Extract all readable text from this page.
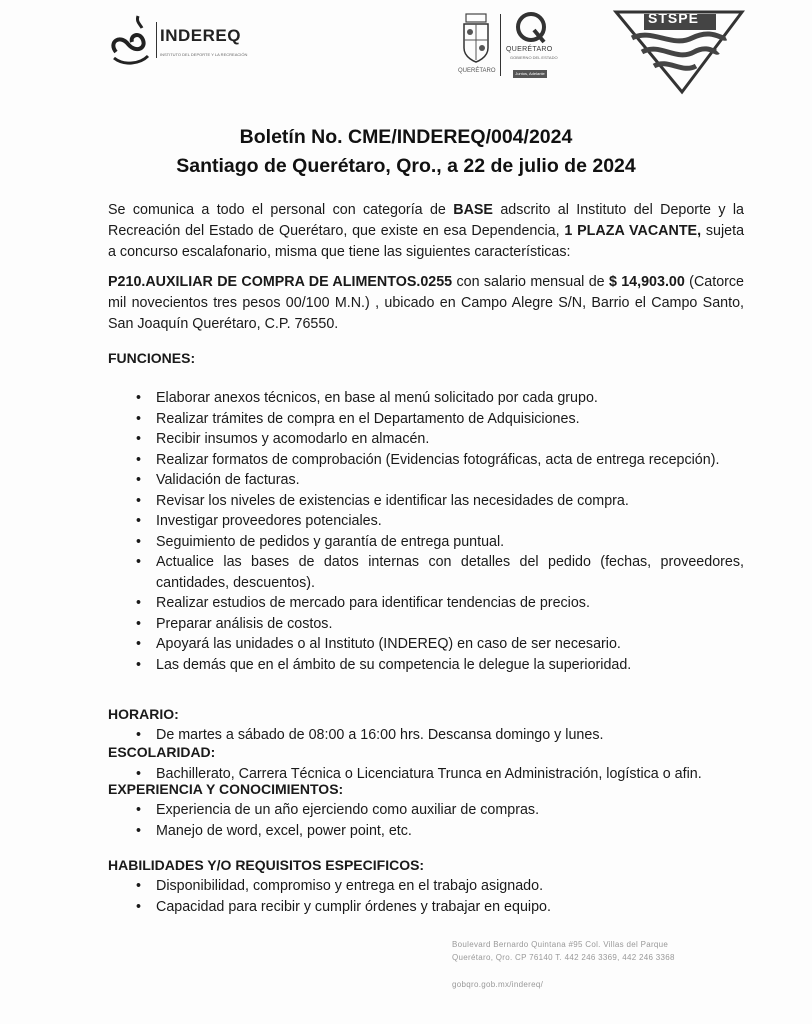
INDEREQ
INSTITUTO DEL DEPORTE Y LA RECREACIÓN
QUERÉTARO
QUERÉTARO
GOBIERNO DEL ESTADO
Juntos, Adelante
STSPE
Boletín No. CME/INDEREQ/004/2024
Santiago de Querétaro, Qro., a 22 de julio de 2024
Se comunica a todo el personal con categoría de BASE adscrito al Instituto del Deporte y la Recreación del Estado de Querétaro, que existe en esa Dependencia, 1 PLAZA VACANTE, sujeta a concurso escalafonario, misma que tiene las siguientes características:
P210.AUXILIAR DE COMPRA DE ALIMENTOS.0255 con salario mensual de $ 14,903.00 (Catorce mil novecientos tres pesos 00/100 M.N.) , ubicado en Campo Alegre S/N, Barrio el Campo Santo, San Joaquín Querétaro, C.P. 76550.
FUNCIONES:
• Elaborar anexos técnicos, en base al menú solicitado por cada grupo.
• Realizar trámites de compra en el Departamento de Adquisiciones.
• Recibir insumos y acomodarlo en almacén.
• Realizar formatos de comprobación (Evidencias fotográficas, acta de entrega recepción).
• Validación de facturas.
• Revisar los niveles de existencias e identificar las necesidades de compra.
• Investigar proveedores potenciales.
• Seguimiento de pedidos y garantía de entrega puntual.
• Actualice las bases de datos internas con detalles del pedido (fechas, proveedores, cantidades, descuentos).
• Realizar estudios de mercado para identificar tendencias de precios.
• Preparar análisis de costos.
• Apoyará las unidades o al Instituto (INDEREQ) en caso de ser necesario.
• Las demás que en el ámbito de su competencia le delegue la superioridad.
HORARIO:
• De martes a sábado de 08:00 a 16:00 hrs. Descansa domingo y lunes.
ESCOLARIDAD:
• Bachillerato, Carrera Técnica o Licenciatura Trunca en Administración, logística o afin.
EXPERIENCIA Y CONOCIMIENTOS:
• Experiencia de un año ejerciendo como auxiliar de compras.
• Manejo de word, excel, power point, etc.
HABILIDADES Y/O REQUISITOS ESPECIFICOS:
• Disponibilidad, compromiso y entrega en el trabajo asignado.
• Capacidad para recibir y cumplir órdenes y trabajar en equipo.
Boulevard Bernardo Quintana #95 Col. Villas del Parque
Querétaro, Qro. CP 76140 T. 442 246 3369, 442 246 3368
gobqro.gob.mx/indereq/
